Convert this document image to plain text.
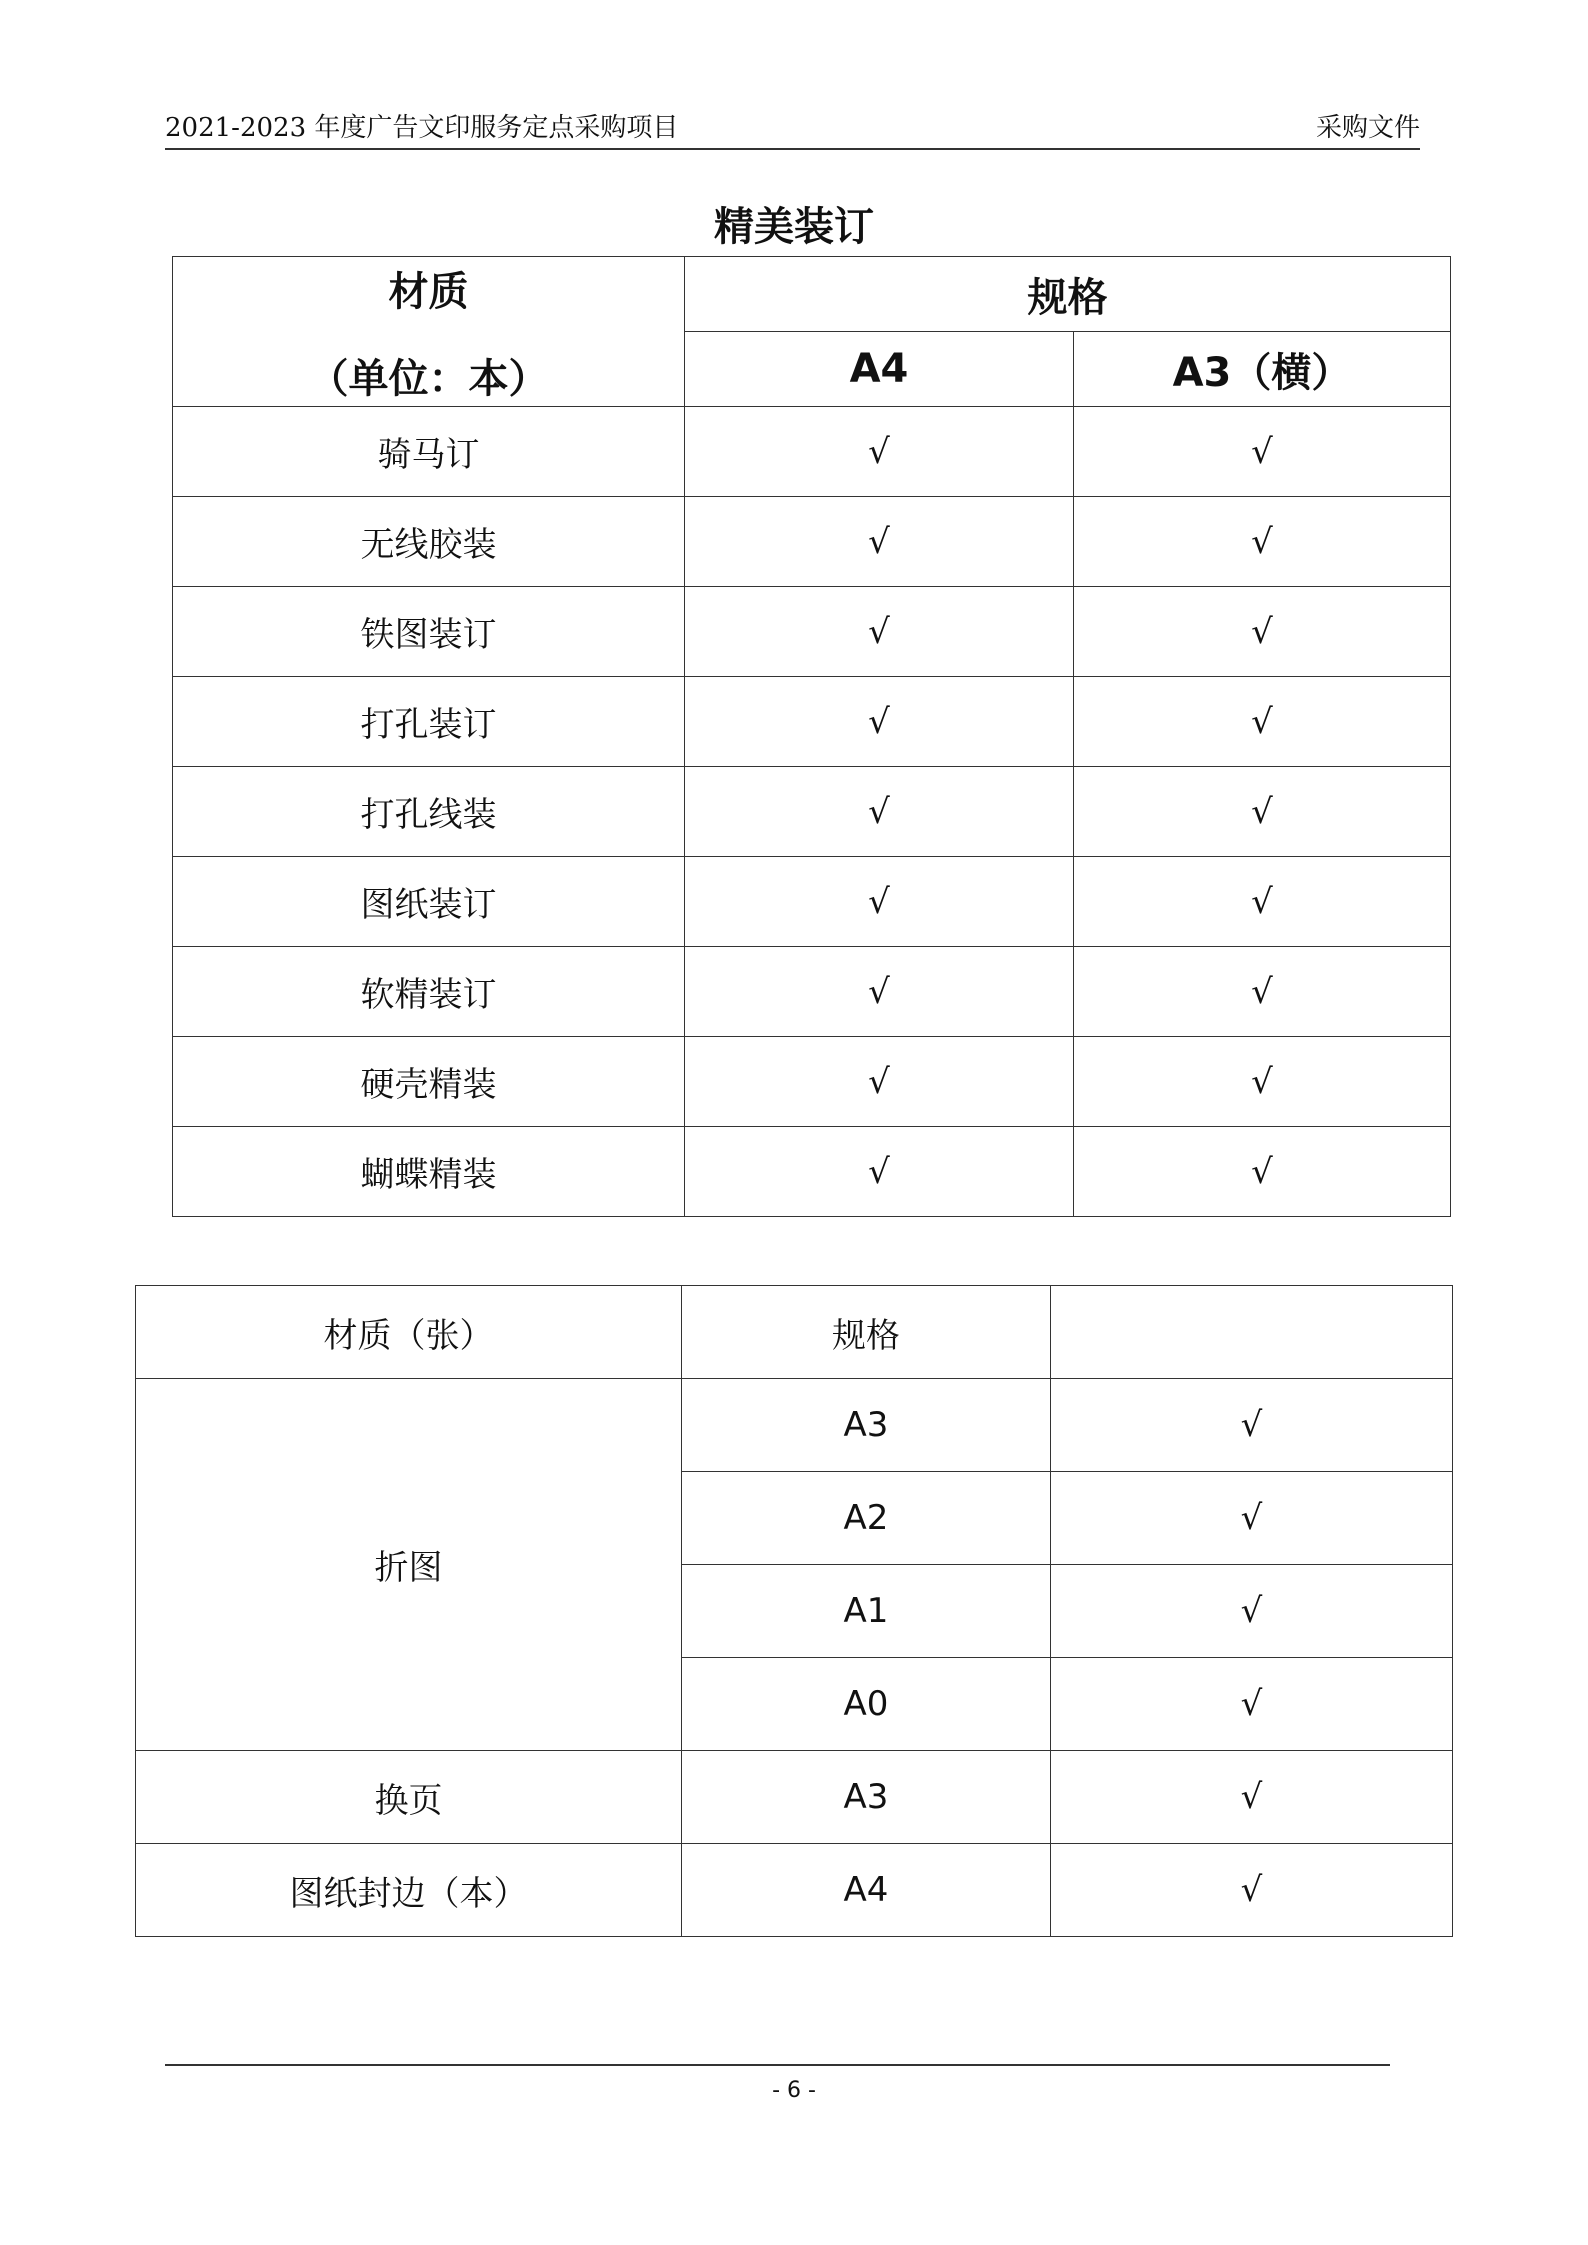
2021-2023 年度广告文印服务定点采购项目	采购文件
精美装订
材质
（单位：本）	规格	
	A4	A3（横）
骑马订	√	√
无线胶装	√	√
铁图装订	√	√
打孔装订	√	√
打孔线装	√	√
图纸装订	√	√
软精装订	√	√
硬壳精装	√	√
蝴蝶精装	√	√
材质（张）	规格	
折图	A3	√
	A2	√
	A1	√
	A0	√
换页	A3	√
图纸封边（本）	A4	√
- 6 -
